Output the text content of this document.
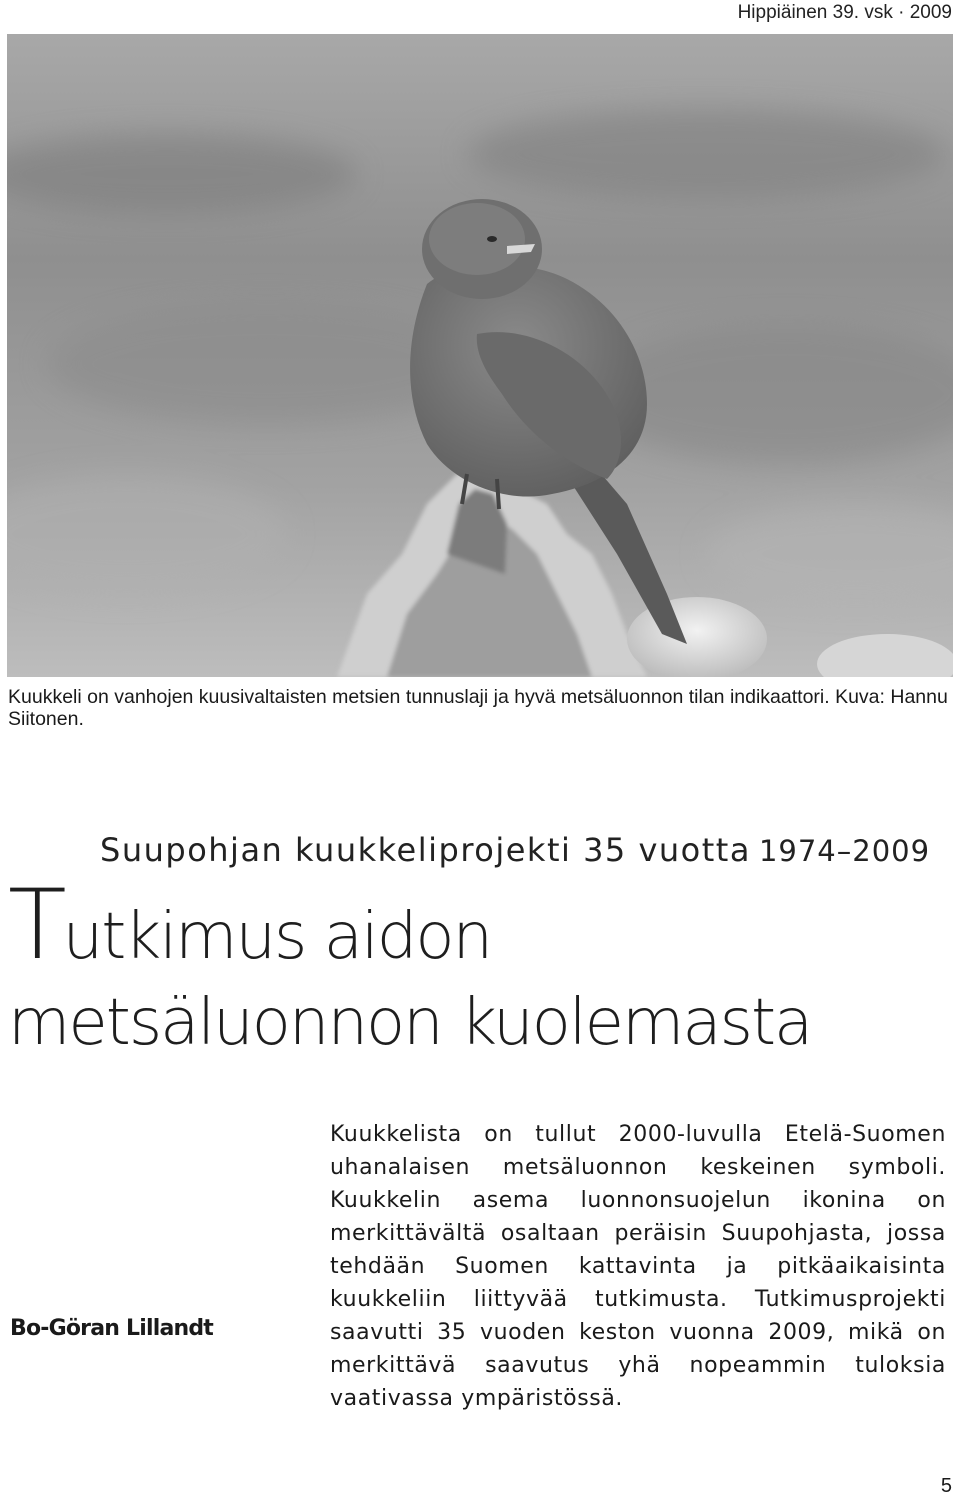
Hippiäinen 39. vsk · 2009
Kuukkeli on vanhojen kuusivaltaisten metsien tunnuslaji ja hyvä metsäluonnon tilan indikaattori. Kuva: Hannu Siitonen.
Suupohjan kuukkeliprojekti 35 vuotta 1974–2009
Tutkimus aidon
metsäluonnon kuolemasta
Bo-Göran Lillandt
Kuukkelista on tullut 2000-luvulla Etelä-Suomen uhanalaisen metsäluonnon keskeinen symboli. Kuukkelin asema luonnonsuojelun ikonina on merkittävältä osaltaan peräisin Suupohjasta, jossa tehdään Suomen kattavinta ja pitkäaikaisinta kuukkeliin liittyvää tutkimusta. Tutkimusprojekti saavutti 35 vuoden keston vuonna 2009, mikä on merkittävä saavutus yhä nopeammin tuloksia vaativassa ympäristössä.
5
